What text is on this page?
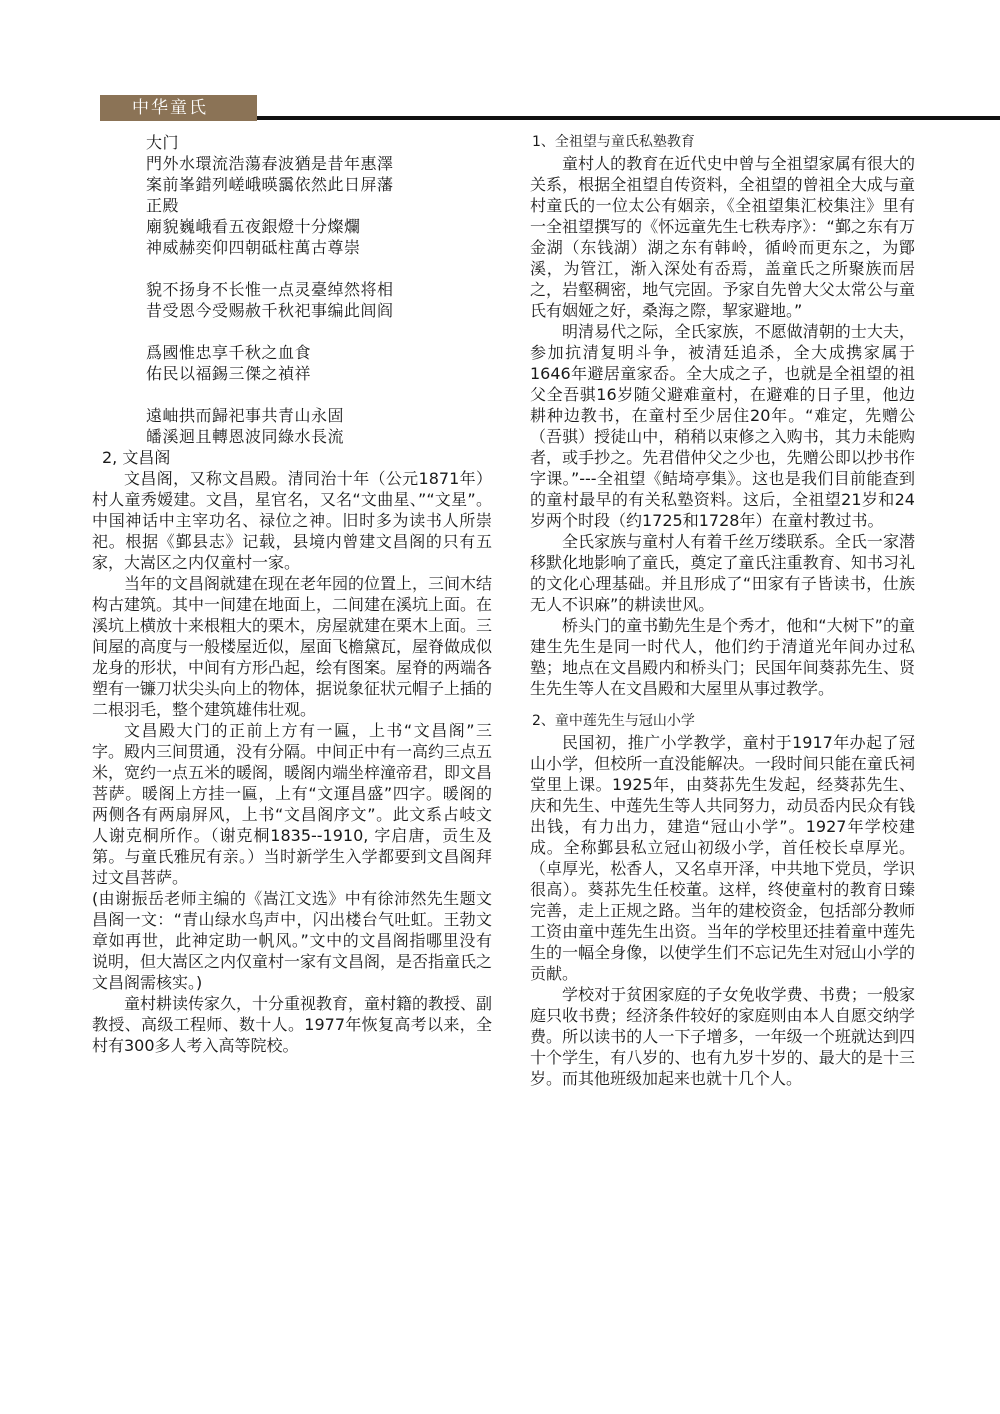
中华童氏

大门

門外水環流浩蕩春波猶是昔年惠澤

案前峯錯列嵯峨暎靄依然此日屏藩

正殿

廟貌巍峨看五夜銀燈十分燦爛

神威赫奕仰四朝砥柱萬古尊崇

貌不扬身不长惟一点灵臺绰然将相

昔受恩今受赐赦千秋祀事编此闾阎

爲國惟忠享千秋之血食

佑民以福錫三傑之禎祥

遠岫拱而歸祀事共青山永固

皤溪迴且轉恩波同綠水長流

2, 文昌阁

文昌阁，又称文昌殿。清同治十年（公元1871年）村人童秀嫒建。文昌，星官名，又名“文曲星、”“文星”。中国神话中主宰功名、禄位之神。旧时多为读书人所崇祀。根据《鄞县志》记载，县境内曾建文昌阁的只有五家，大嵩区之内仅童村一家。

当年的文昌阁就建在现在老年园的位置上，三间木结构古建筑。其中一间建在地面上，二间建在溪坑上面。在溪坑上横放十来根粗大的栗木，房屋就建在栗木上面。三间屋的高度与一般楼屋近似，屋面飞檐黛瓦，屋脊做成似龙身的形状，中间有方形凸起，绘有图案。屋脊的两端各塑有一镰刀状尖头向上的物体，据说象征状元帽子上插的二根羽毛，整个建筑雄伟壮观。

文昌殿大门的正前上方有一匾，上书“文昌阁”三字。殿内三间贯通，没有分隔。中间正中有一高约三点五米，宽约一点五米的暖阁，暖阁内端坐梓潼帝君，即文昌菩萨。暖阁上方挂一匾，上有“文運昌盛”四字。暖阁的两侧各有两扇屏风，上书“文昌阁序文”。此文系占岐文人谢克桐所作。（谢克桐1835--1910, 字启唐，贡生及第。与童氏雅尻有亲。）当时新学生入学都要到文昌阁拜过文昌菩萨。

(由谢振岳老师主编的《嵩江文选》中有徐沛然先生题文昌阁一文：“青山绿水鸟声中，闪出楼台气吐虹。王勃文章如再世，此神定助一帆风。”文中的文昌阁指哪里没有说明，但大嵩区之内仅童村一家有文昌阁，是否指童氏之文昌阁需核实。)

童村耕读传家久，十分重视教育，童村籍的教授、副教授、高级工程师、数十人。1977年恢复高考以来，全村有300多人考入高等院校。

1、全祖望与童氏私塾教育

童村人的教育在近代史中曾与全祖望家属有很大的关系，根据全祖望自传资料，全祖望的曾祖全大成与童村童氏的一位太公有姻亲，《全祖望集汇校集注》里有一全祖望撰写的《怀远童先生七秩寿序》：“鄞之东有万金湖（东钱湖）湖之东有韩岭，循岭而更东之，为鄮溪，为管江，渐入深处有岙焉，盖童氏之所聚族而居之，岩壑稠密，地气完固。予家自先曾大父太常公与童氏有姻娅之好，桑海之際，挈家避地。”

明清易代之际，全氏家族，不愿做清朝的士大夫，参加抗清复明斗争，被清廷追杀，全大成携家属于1646年避居童家岙。全大成之子，也就是全祖望的祖父全吾骐16岁随父避难童村，在避难的日子里，他边耕种边教书，在童村至少居住20年。“难定，先赠公（吾骐）授徒山中，稍稍以束修之入购书，其力未能购者，或手抄之。先君借仲父之少也，先赠公即以抄书作字课。”---全祖望《鲒埼亭集》。这也是我们目前能查到的童村最早的有关私塾资料。这后，全祖望21岁和24岁两个时段（约1725和1728年）在童村教过书。

全氏家族与童村人有着千丝万缕联系。全氏一家潜移默化地影响了童氏，奠定了童氏注重教育、知书习礼的文化心理基础。并且形成了“田家有子皆读书，仕族无人不识麻”的耕读世风。

桥头门的童书勤先生是个秀才，他和“大树下”的童建生先生是同一时代人，他们约于清道光年间办过私塾；地点在文昌殿内和桥头门；民国年间葵荪先生、贤生先生等人在文昌殿和大屋里从事过教学。

2、童中莲先生与冠山小学

民国初，推广小学教学，童村于1917年办起了冠山小学，但校所一直没能解决。一段时间只能在童氏祠堂里上课。1925年，由葵荪先生发起，经葵荪先生、庆和先生、中莲先生等人共同努力，动员岙内民众有钱出钱，有力出力，建造“冠山小学”。1927年学校建成。全称鄞县私立冠山初级小学，首任校长卓厚光。（卓厚光，松香人，又名卓开泽，中共地下党员，学识很高）。葵荪先生任校董。这样，终使童村的教育日臻完善，走上正规之路。当年的建校资金，包括部分教师工资由童中莲先生出资。当年的学校里还挂着童中莲先生的一幅全身像，以使学生们不忘记先生对冠山小学的贡献。

学校对于贫困家庭的子女免收学费、书费；一般家庭只收书费；经济条件较好的家庭则由本人自愿交纳学费。所以读书的人一下子增多，一年级一个班就达到四十个学生，有八岁的、也有九岁十岁的、最大的是十三岁。而其他班级加起来也就十几个人。
